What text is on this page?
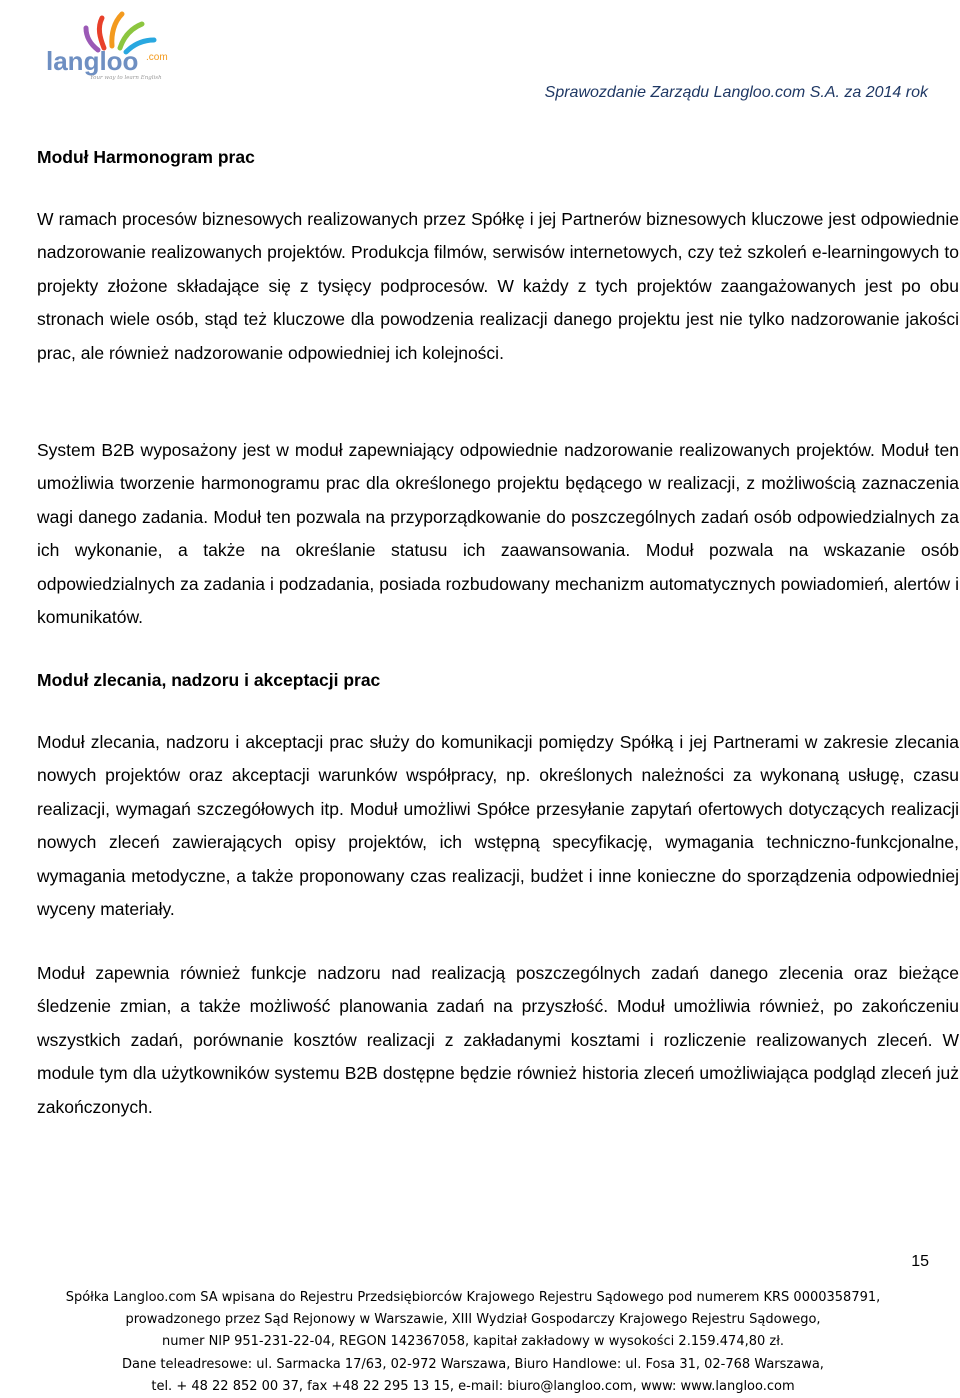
langloo .com
Your way to learn English
Sprawozdanie Zarządu Langloo.com S.A. za 2014 rok
Moduł Harmonogram prac
W ramach procesów biznesowych realizowanych przez Spółkę i jej Partnerów biznesowych kluczowe jest odpowiednie nadzorowanie realizowanych projektów. Produkcja filmów, serwisów internetowych, czy też szkoleń e-learningowych to projekty złożone składające się z tysięcy podprocesów. W każdy z tych projektów zaangażowanych jest po obu stronach wiele osób, stąd też kluczowe dla powodzenia realizacji danego projektu jest nie tylko nadzorowanie jakości prac, ale również nadzorowanie odpowiedniej ich kolejności.
System B2B wyposażony jest w moduł zapewniający odpowiednie nadzorowanie realizowanych projektów. Moduł ten umożliwia tworzenie harmonogramu prac dla określonego projektu będącego w realizacji, z możliwością zaznaczenia wagi danego zadania. Moduł ten pozwala na przyporządkowanie do poszczególnych zadań osób odpowiedzialnych za ich wykonanie, a także na określanie statusu ich zaawansowania. Moduł pozwala na wskazanie osób odpowiedzialnych za zadania i podzadania, posiada rozbudowany mechanizm automatycznych powiadomień, alertów i komunikatów.
Moduł zlecania, nadzoru i akceptacji prac
Moduł zlecania, nadzoru i akceptacji prac służy do komunikacji pomiędzy Spółką i jej Partnerami w zakresie zlecania nowych projektów oraz akceptacji warunków współpracy, np. określonych należności za wykonaną usługę, czasu realizacji, wymagań szczegółowych itp. Moduł umożliwi Spółce przesyłanie zapytań ofertowych dotyczących realizacji nowych zleceń zawierających opisy projektów, ich wstępną specyfikację, wymagania techniczno-funkcjonalne, wymagania metodyczne, a także proponowany czas realizacji, budżet i inne konieczne do sporządzenia odpowiedniej wyceny materiały.
Moduł zapewnia również funkcje nadzoru nad realizacją poszczególnych zadań danego zlecenia oraz bieżące śledzenie zmian, a także możliwość planowania zadań na przyszłość. Moduł umożliwia również, po zakończeniu wszystkich zadań, porównanie kosztów realizacji z zakładanymi kosztami i rozliczenie realizowanych zleceń. W module tym dla użytkowników systemu B2B dostępne będzie również historia zleceń umożliwiająca podgląd zleceń już zakończonych.
15
Spółka Langloo.com SA wpisana do Rejestru Przedsiębiorców Krajowego Rejestru Sądowego pod numerem KRS 0000358791,
prowadzonego przez Sąd Rejonowy w Warszawie, XIII Wydział Gospodarczy Krajowego Rejestru Sądowego,
numer NIP 951-231-22-04, REGON 142367058, kapitał zakładowy w wysokości 2.159.474,80 zł.
Dane teleadresowe: ul. Sarmacka 17/63, 02-972 Warszawa, Biuro Handlowe: ul. Fosa 31, 02-768 Warszawa,
tel. + 48 22 852 00 37, fax +48 22 295 13 15, e-mail: biuro@langloo.com, www: www.langloo.com
